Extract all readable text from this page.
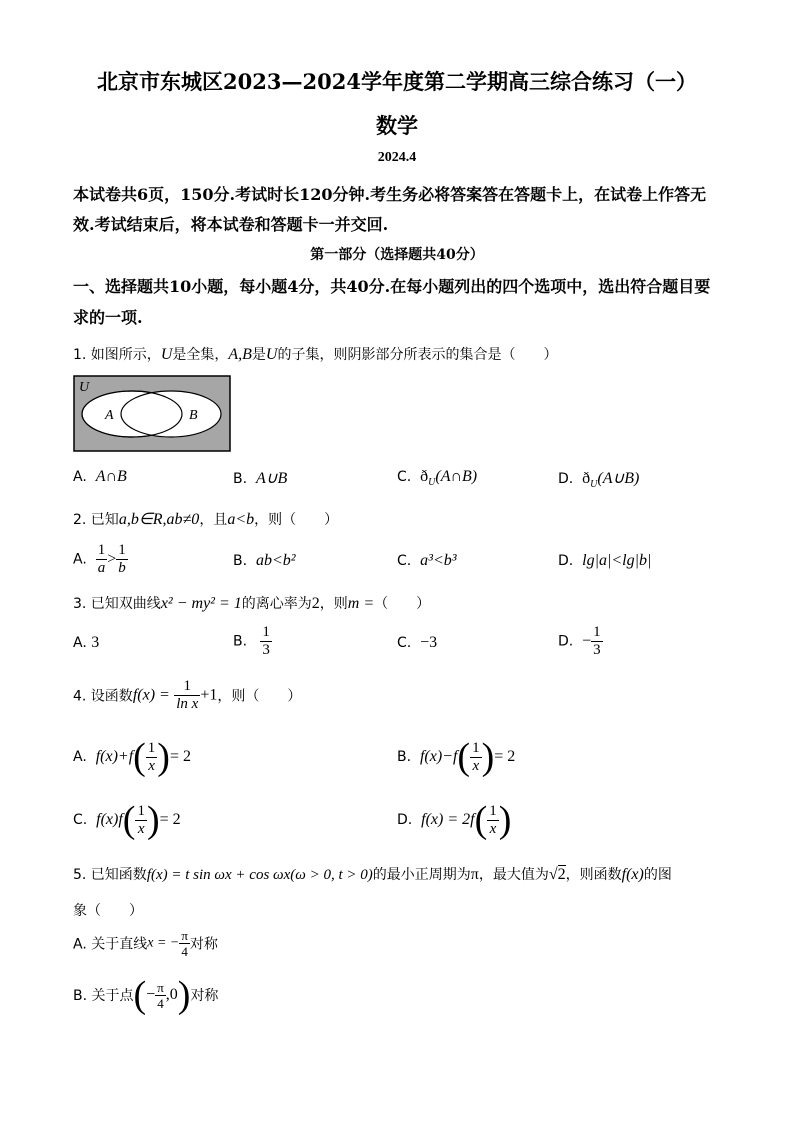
北京市东城区2023—2024学年度第二学期高三综合练习（一）
数学
2024.4
本试卷共6页，150分.考试时长120分钟.考生务必将答案答在答题卡上，在试卷上作答无
效.考试结束后，将本试卷和答题卡一并交回.
第一部分（选择题共40分）
一、选择题共10小题，每小题4分，共40分.在每小题列出的四个选项中，选出符合题目要
求的一项.
1. 如图所示，U是全集，A,B是U的子集，则阴影部分所表示的集合是（　　）
U
A	B
A. A∩B	B. A∪B	C. $ð_U(A\cap B)$	D. $ð_U(A\cup B)$
2. 已知a,b∈R,ab≠0，且a<b，则（　　）
A. $\frac{1}{a} > \frac{1}{b}$	B. ab<b²	C. a³<b³	D. lg|a|<lg|b|
3. 已知双曲线x² − my² = 1的离心率为2，则m =（　　）
A. 3	B. $\frac{1}{3}$	C. −3	D. − $\frac{1}{3}$
4. 设函数$f(x) = \frac{1}{\text{ln x}} +1$，则（　　）
A. $f(x)+f( \frac{1}{x}$ )= 2	B. $f(x)-f( \frac{1}{x}$ )= 2
C. $f(x)f( \frac{1}{x}$ )= 2	D. $f(x) = 2f( \frac{1}{x}$ )
5. 已知函数f(x) = t sin ωx + cos ωx(ω > 0, t > 0)的最小正周期为π，最大值为√2，则函数f(x)的图
象（　　）
A. 关于直线x = − $\frac{\pi}{4}$ 对称
B. 关于点(− $\frac{\pi}{4} ,0$)对称
